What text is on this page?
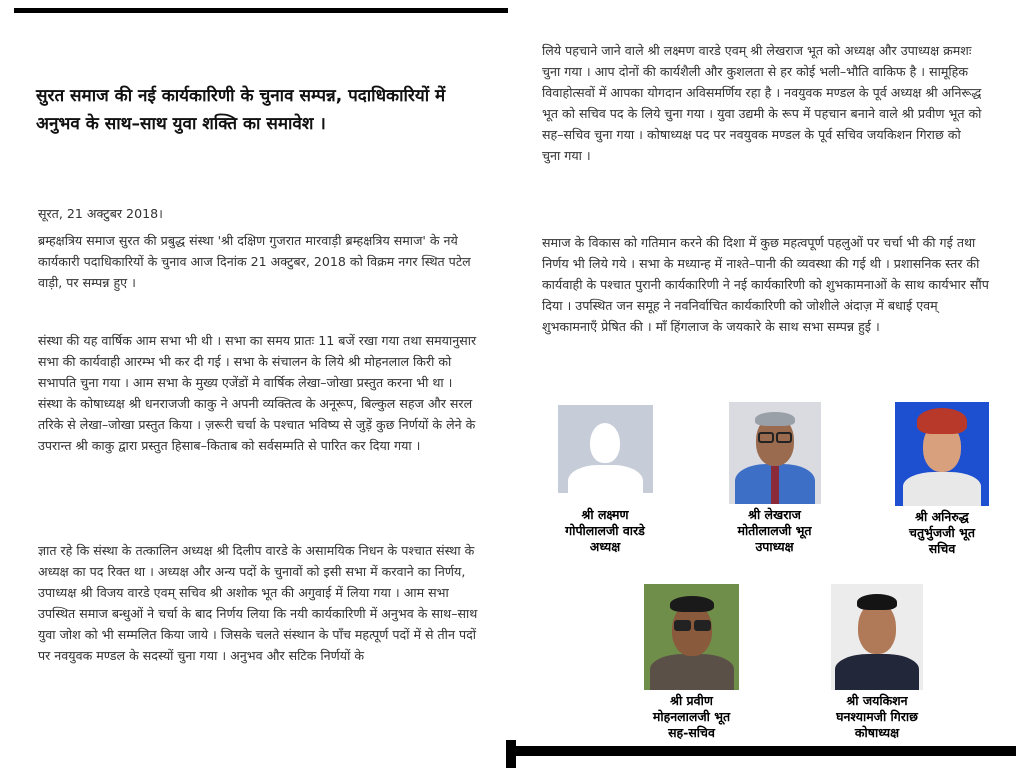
सुरत समाज की नई कार्यकारिणी के चुनाव सम्पन्न, पदाधिकारियों में अनुभव के साथ–साथ युवा शक्ति का समावेश ।
सूरत, 21 अक्टुबर 2018।
ब्रम्हक्षत्रिय समाज सुरत की प्रबुद्ध संस्था 'श्री दक्षिण गुजरात मारवाड़ी ब्रम्हक्षत्रिय समाज' के नये कार्यकारी पदाधिकारियों के चुनाव आज दिनांक 21 अक्टुबर, 2018 को विक्रम नगर स्थित पटेल वाड़ी, पर सम्पन्न हुए ।
संस्था की यह वार्षिक आम सभा भी थी । सभा का समय प्रातः 11 बजें रखा गया तथा समयानुसार सभा की कार्यवाही आरम्भ भी कर दी गई । सभा के संचालन के लिये श्री मोहनलाल किरी को सभापति चुना गया । आम सभा के मुख्य एजेंडों मे वार्षिक लेखा–जोखा प्रस्तुत करना भी था । संस्था के कोषाध्यक्ष श्री धनराजजी काकु ने अपनी व्यक्तित्व के अनूरूप, बिल्कुल सहज और सरल तरिके से लेखा–जोखा प्रस्तुत किया । ज़रूरी चर्चा के पश्चात भविष्य से जुड़ें कुछ निर्णयों के लेने के उपरान्त श्री काकु द्वारा प्रस्तुत हिसाब–किताब को सर्वसम्मति से पारित कर दिया गया ।
ज्ञात रहे कि संस्था के तत्कालिन अध्यक्ष श्री दिलीप वारडे के असामयिक निधन के पश्चात संस्था के अध्यक्ष का पद रिक्त था । अध्यक्ष और अन्य पदों के चुनावों को इसी सभा में करवाने का निर्णय, उपाध्यक्ष श्री विजय वारडे एवम् सचिव श्री अशोक भूत की अगुवाई में लिया गया । आम सभा उपस्थित समाज बन्धुओं ने चर्चा के बाद निर्णय लिया कि नयी कार्यकारिणी में अनुभव के साथ–साथ युवा जोश को भी सम्मलित किया जाये । जिसके चलते संस्थान के पाँच महत्पूर्ण पदों में से तीन पदों पर नवयुवक मण्डल के सदस्यों चुना गया । अनुभव और सटिक निर्णयों के
लिये पहचाने जाने वाले श्री लक्ष्मण वारडे एवम् श्री लेखराज भूत को अध्यक्ष और उपाध्यक्ष क्रमशः चुना गया । आप दोनों की कार्यशैली और कुशलता से हर कोई भली–भौति वाकिफ है । सामूहिक विवाहोत्सवों में आपका योगदान अविसमर्णिय रहा है । नवयुवक मण्डल के पूर्व अध्यक्ष श्री अनिरूद्ध भूत को सचिव पद के लिये चुना गया । युवा उद्यमी के रूप में पहचान बनाने वाले श्री प्रवीण भूत को सह–सचिव चुना गया । कोषाध्यक्ष पद पर नवयुवक मण्डल के पूर्व सचिव जयकिशन गिराछ को चुना गया ।
समाज के विकास को गतिमान करने की दिशा में कुछ महत्वपूर्ण पहलुओं पर चर्चा भी की गई तथा निर्णय भी लिये गये । सभा के मध्यान्ह में नाश्ते–पानी की व्यवस्था की गई थी । प्रशासनिक स्तर की कार्यवाही के पश्चात पुरानी कार्यकारिणी ने नई कार्यकारिणी को शुभकामनाओं के साथ कार्यभार सौंप दिया । उपस्थित जन समूह ने नवनिर्वाचित कार्यकारिणी को जोशीले अंदाज़ में बधाई एवम् शुभकामनाऍं प्रेषित की । माँ हिंगलाज के जयकारे के साथ सभा सम्पन्न हुई ।
श्री लक्ष्मण
गोपीलालजी वारडे
अध्यक्ष
श्री लेखराज
मोतीलालजी भूत
उपाध्यक्ष
श्री अनिरुद्ध
चतुर्भुजजी भूत
सचिव
श्री प्रवीण
मोहनलालजी भूत
सह-सचिव
श्री जयकिशन
घनश्यामजी गिराछ
कोषाध्यक्ष
